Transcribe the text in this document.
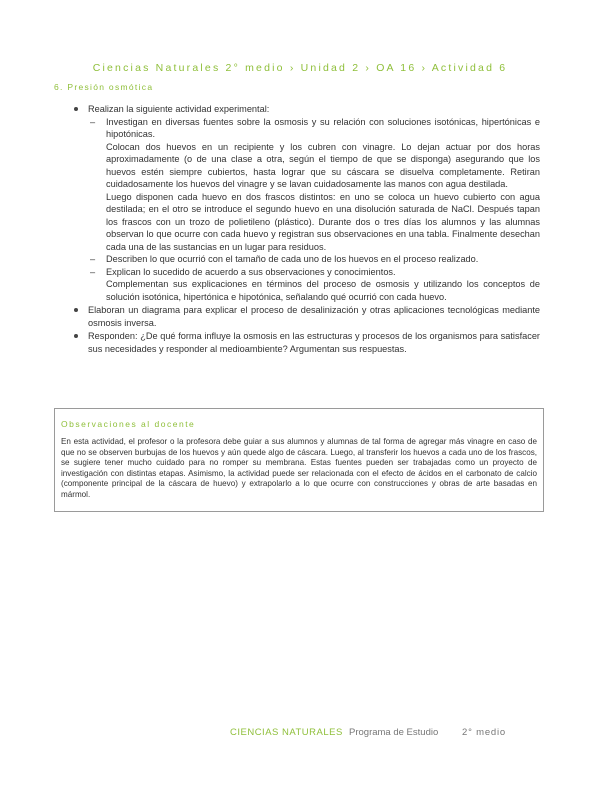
Ciencias Naturales 2° medio › Unidad 2 › OA 16 › Actividad 6
6. Presión osmótica
Realizan la siguiente actividad experimental:
– Investigan en diversas fuentes sobre la osmosis y su relación con soluciones isotónicas, hipertónicas e hipotónicas.
Colocan dos huevos en un recipiente y los cubren con vinagre. Lo dejan actuar por dos horas aproximadamente (o de una clase a otra, según el tiempo de que se disponga) asegurando que los huevos estén siempre cubiertos, hasta lograr que su cáscara se disuelva completamente. Retiran cuidadosamente los huevos del vinagre y se lavan cuidadosamente las manos con agua destilada.
Luego disponen cada huevo en dos frascos distintos: en uno se coloca un huevo cubierto con agua destilada; en el otro se introduce el segundo huevo en una disolución saturada de NaCl. Después tapan los frascos con un trozo de polietileno (plástico). Durante dos o tres días los alumnos y las alumnas observan lo que ocurre con cada huevo y registran sus observaciones en una tabla. Finalmente desechan cada una de las sustancias en un lugar para residuos.
– Describen lo que ocurrió con el tamaño de cada uno de los huevos en el proceso realizado.
– Explican lo sucedido de acuerdo a sus observaciones y conocimientos.
Complementan sus explicaciones en términos del proceso de osmosis y utilizando los conceptos de solución isotónica, hipertónica e hipotónica, señalando qué ocurrió con cada huevo.
Elaboran un diagrama para explicar el proceso de desalinización y otras aplicaciones tecnológicas mediante osmosis inversa.
Responden: ¿De qué forma influye la osmosis en las estructuras y procesos de los organismos para satisfacer sus necesidades y responder al medioambiente? Argumentan sus respuestas.
Observaciones al docente
En esta actividad, el profesor o la profesora debe guiar a sus alumnos y alumnas de tal forma de agregar más vinagre en caso de que no se observen burbujas de los huevos y aún quede algo de cáscara. Luego, al transferir los huevos a cada uno de los frascos, se sugiere tener mucho cuidado para no romper su membrana. Estas fuentes pueden ser trabajadas como un proyecto de investigación con distintas etapas. Asimismo, la actividad puede ser relacionada con el efecto de ácidos en el carbonato de calcio (componente principal de la cáscara de huevo) y extrapolarlo a lo que ocurre con construcciones y obras de arte basadas en mármol.
CIENCIAS NATURALES Programa de Estudio	2° medio
